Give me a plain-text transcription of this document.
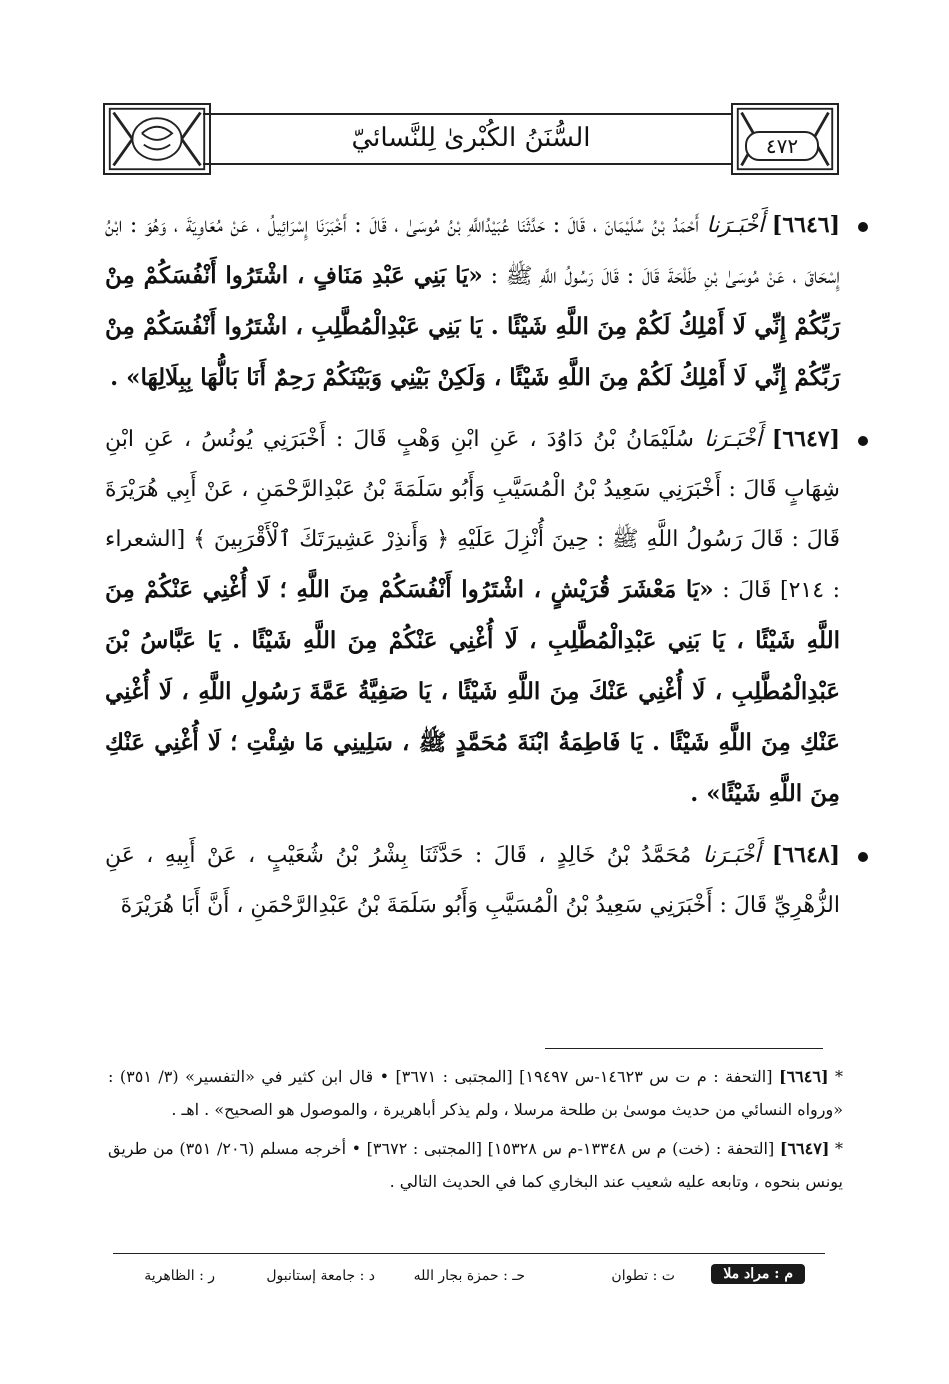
السُّنَنُ الكُبْرىٰ لِلنَّسائيّ	٤٧٢
[٦٦٤٦] أَخْبَـرَنا أَحْمَدُ بْنُ سُلَيْمَانَ ، قَالَ : حَدَّثَنَا عُبَيْدُاللَّهِ بْنُ مُوسَىٰ ، قَالَ : أَخْبَرَنَا إِسْرَائِيلُ ، عَنْ مُعَاوِيَةَ ، وَهُوَ : ابْنُ إِسْحَاقَ ، عَنْ مُوسَىٰ بْنِ طَلْحَةَ قَالَ : قَالَ رَسُولُ اللَّهِ ﷺ : «يَا بَنِي عَبْدِ مَنَافٍ ، اشْتَرُوا أَنْفُسَكُمْ مِنْ رَبِّكُمْ إِنِّي لَا أَمْلِكُ لَكُمْ مِنَ اللَّهِ شَيْئًا . يَا بَنِي عَبْدِالْمُطَّلِبِ ، اشْتَرُوا أَنْفُسَكُمْ مِنْ رَبِّكُمْ إِنِّي لَا أَمْلِكُ لَكُمْ مِنَ اللَّهِ شَيْئًا ، وَلَكِنْ بَيْنِي وَبَيْنَكُمْ رَحِمٌ أَنَا بَالُّهَا بِبِلَالِهَا» .
[٦٦٤٧] أَخْبَـرَنا سُلَيْمَانُ بْنُ دَاوُدَ ، عَنِ ابْنِ وَهْبٍ قَالَ : أَخْبَرَنِي يُونُسُ ، عَنِ ابْنِ شِهَابٍ قَالَ : أَخْبَرَنِي سَعِيدُ بْنُ الْمُسَيَّبِ وَأَبُو سَلَمَةَ بْنُ عَبْدِالرَّحْمَنِ ، عَنْ أَبِي هُرَيْرَةَ قَالَ : قَالَ رَسُولُ اللَّهِ ﷺ : حِينَ أُنْزِلَ عَلَيْهِ ﴿ وَأَنذِرْ عَشِيرَتَكَ ٱلْأَقْرَبِينَ ﴾ [الشعراء : ٢١٤] قَالَ : «يَا مَعْشَرَ قُرَيْشٍ ، اشْتَرُوا أَنْفُسَكُمْ مِنَ اللَّهِ ؛ لَا أُغْنِي عَنْكُمْ مِنَ اللَّهِ شَيْئًا ، يَا بَنِي عَبْدِالْمُطَّلِبِ ، لَا أُغْنِي عَنْكُمْ مِنَ اللَّهِ شَيْئًا . يَا عَبَّاسُ بْنَ عَبْدِالْمُطَّلِبِ ، لَا أُغْنِي عَنْكَ مِنَ اللَّهِ شَيْئًا ، يَا صَفِيَّةُ عَمَّةَ رَسُولِ اللَّهِ ، لَا أُغْنِي عَنْكِ مِنَ اللَّهِ شَيْئًا . يَا فَاطِمَةُ ابْنَةَ مُحَمَّدٍ ﷺ ، سَلِينِي مَا شِئْتِ ؛ لَا أُغْنِي عَنْكِ مِنَ اللَّهِ شَيْئًا» .
[٦٦٤٨] أَخْبَـرَنا مُحَمَّدُ بْنُ خَالِدٍ ، قَالَ : حَدَّثَنَا بِشْرُ بْنُ شُعَيْبٍ ، عَنْ أَبِيهِ ، عَنِ الزُّهْرِيِّ قَالَ : أَخْبَرَنِي سَعِيدُ بْنُ الْمُسَيَّبِ وَأَبُو سَلَمَةَ بْنُ عَبْدِالرَّحْمَنِ ، أَنَّ أَبَا هُرَيْرَةَ

* [٦٦٤٦] [التحفة : م ت س ١٤٦٢٣-س ١٩٤٩٧] [المجتبى : ٣٦٧١] • قال ابن كثير في «التفسير» (٣/ ٣٥١) : «ورواه النسائي من حديث موسىٰ بن طلحة مرسلا ، ولم يذكر أباهريرة ، والموصول هو الصحيح» . اهـ .

* [٦٦٤٧] [التحفة : (خت) م س ١٣٣٤٨-م س ١٥٣٢٨] [المجتبى : ٣٦٧٢] • أخرجه مسلم (٢٠٦/ ٣٥١) من طريق يونس بنحوه ، وتابعه عليه شعيب عند البخاري كما في الحديث التالي .

م : مراد ملا
ت : تطوان
حـ : حمزة بجار الله
د : جامعة إستانبول
ر : الظاهرية
